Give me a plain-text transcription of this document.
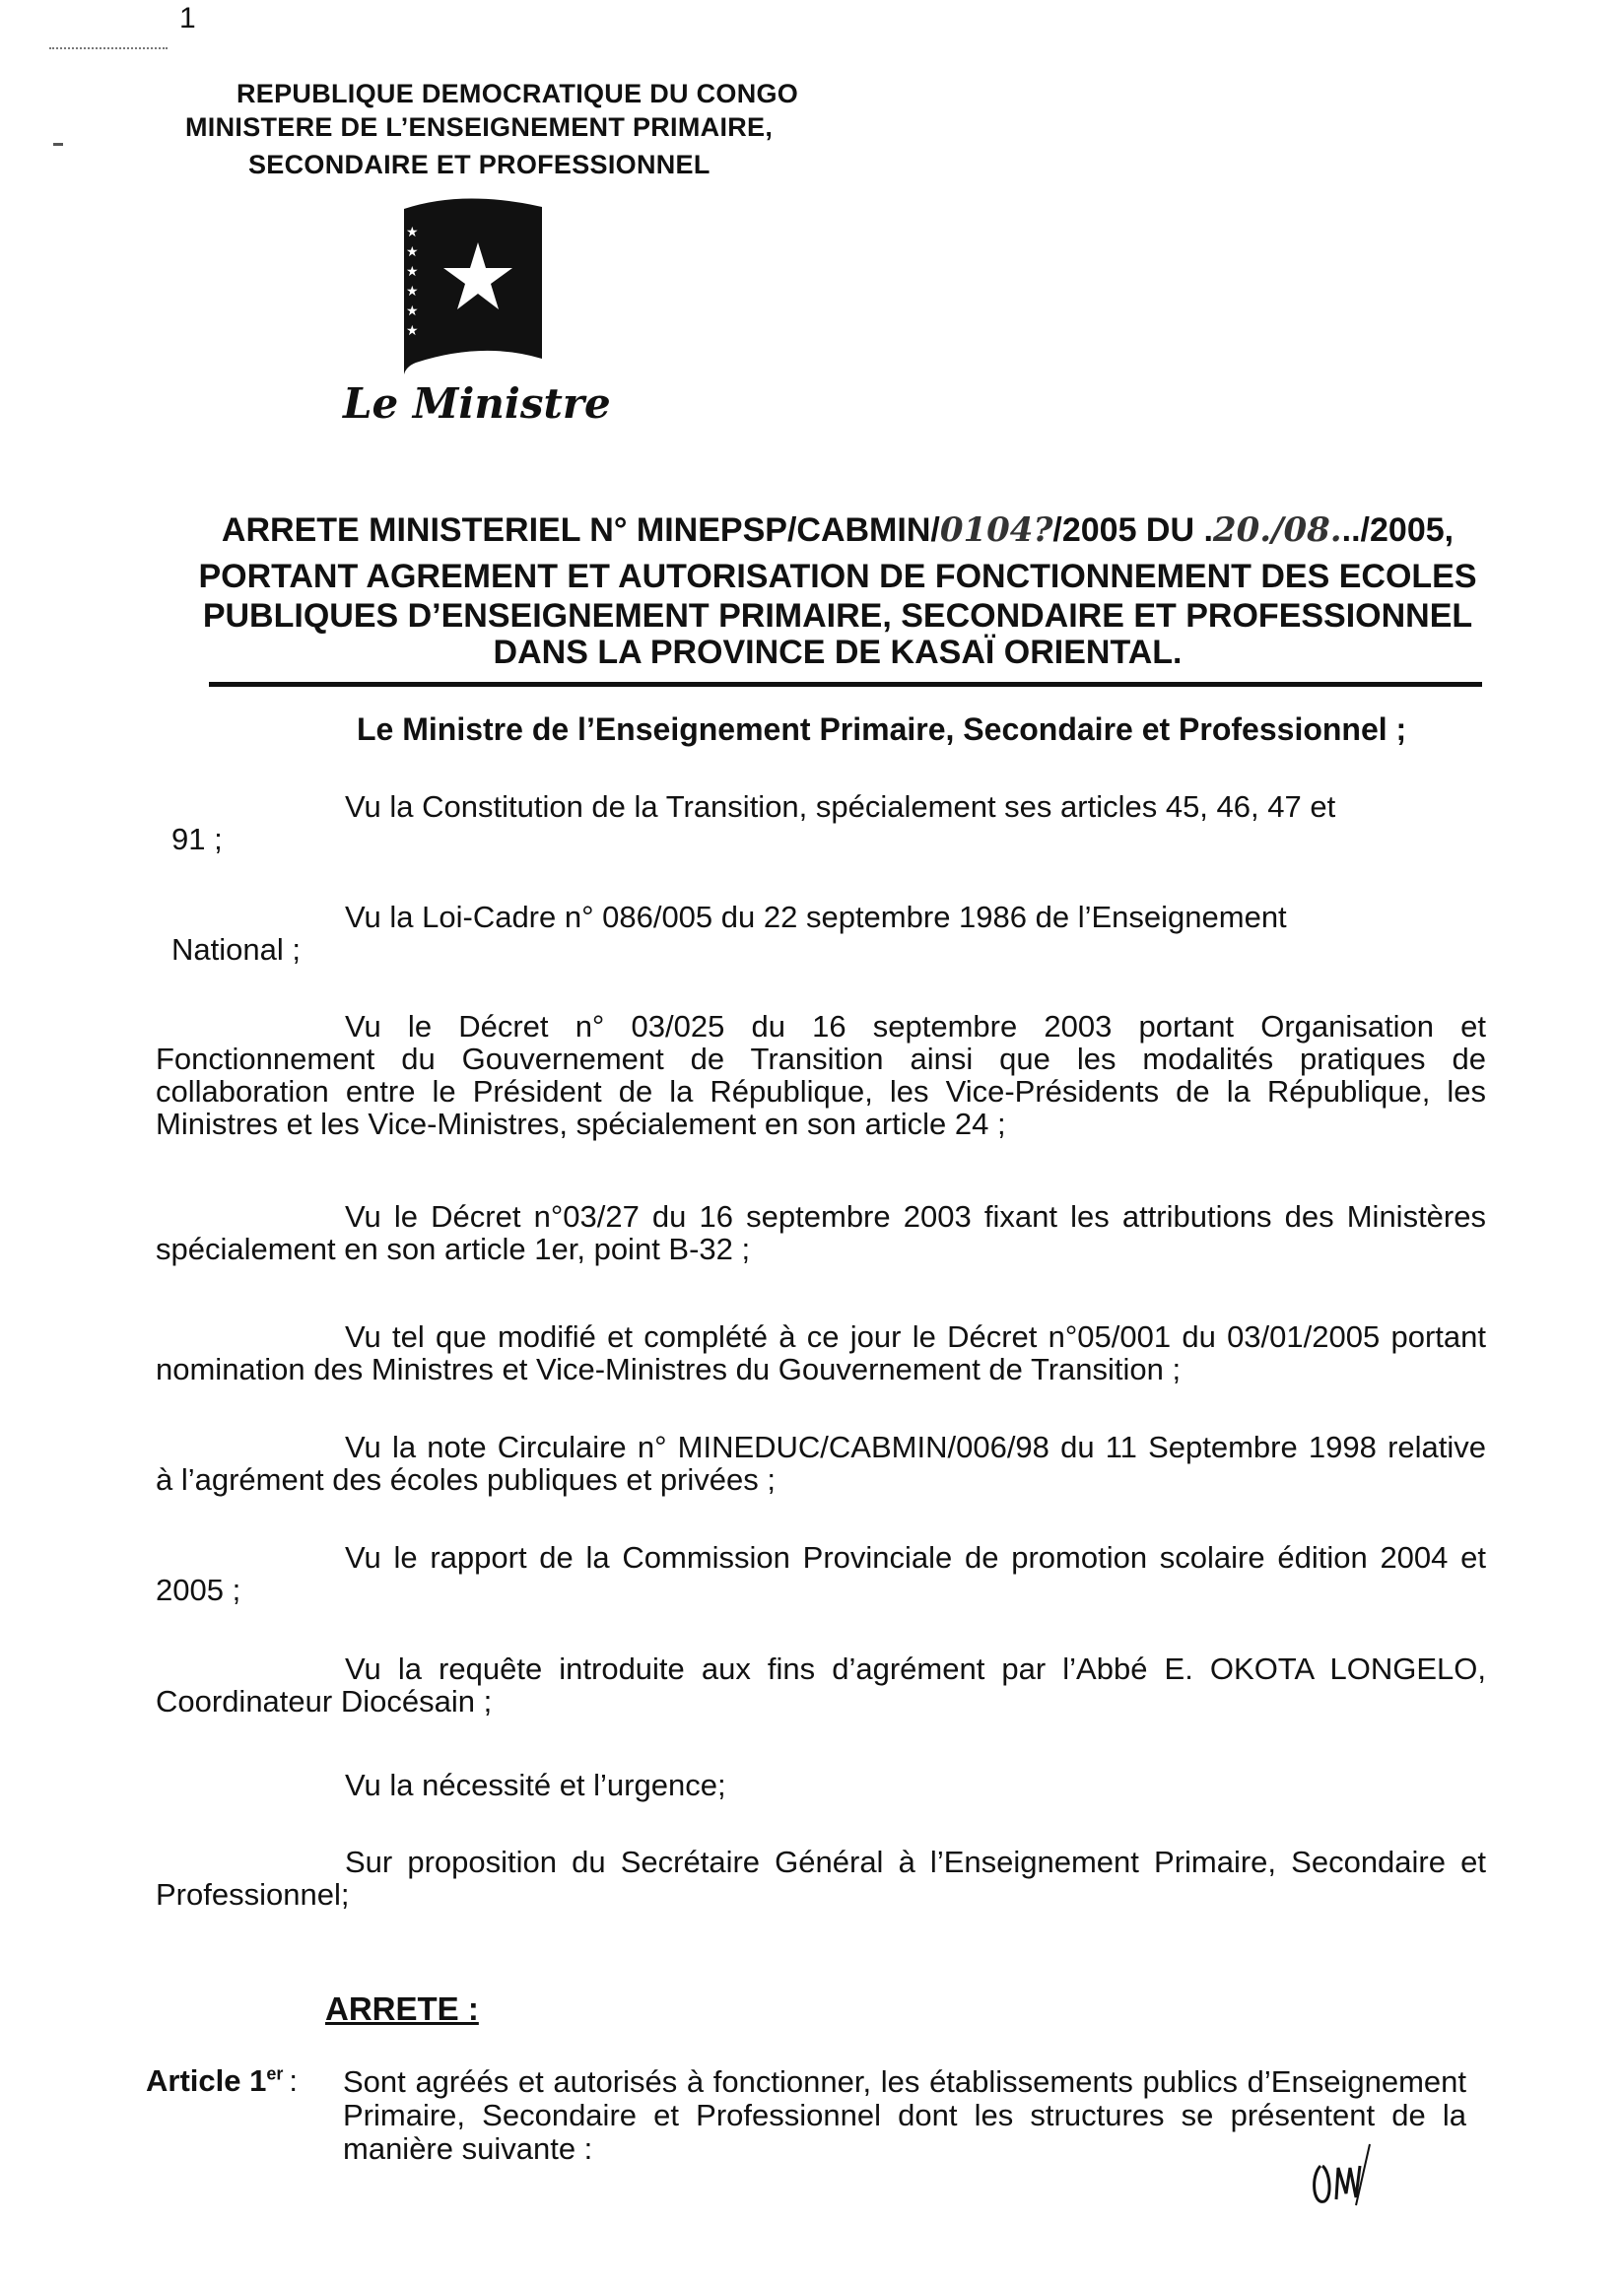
1
REPUBLIQUE DEMOCRATIQUE DU CONGO
MINISTERE DE L’ENSEIGNEMENT PRIMAIRE,
SECONDAIRE ET PROFESSIONNEL
★
★
★
★
★
★
Le Ministre
ARRETE MINISTERIEL N° MINEPSP/CABMIN/0104?/2005 DU .20./08.../2005,
PORTANT AGREMENT ET AUTORISATION DE FONCTIONNEMENT DES ECOLES
PUBLIQUES D’ENSEIGNEMENT PRIMAIRE, SECONDAIRE ET PROFESSIONNEL
DANS LA PROVINCE DE KASAÏ ORIENTAL.
Le Ministre de l’Enseignement Primaire, Secondaire et Professionnel ;
Vu la Constitution de la Transition, spécialement ses articles 45, 46, 47 et
91 ;
Vu la Loi-Cadre n° 086/005 du 22 septembre 1986 de l’Enseignement
National ;
Vu le Décret n° 03/025 du 16 septembre 2003 portant Organisation et Fonctionnement du Gouvernement de Transition ainsi que les modalités pratiques de collaboration entre le Président de la République, les Vice-Présidents de la République, les Ministres et les Vice-Ministres, spécialement en son article 24 ;
Vu le Décret n°03/27 du 16 septembre 2003 fixant les attributions des Ministères spécialement en son article 1er, point B-32 ;
Vu tel que modifié et complété à ce jour le Décret n°05/001 du 03/01/2005 portant nomination des Ministres et Vice-Ministres du Gouvernement de Transition ;
Vu la note Circulaire n° MINEDUC/CABMIN/006/98 du 11 Septembre 1998 relative à l’agrément des écoles publiques et privées ;
Vu le rapport de la Commission Provinciale de promotion scolaire édition 2004 et 2005 ;
Vu la requête introduite aux fins d’agrément par l’Abbé E. OKOTA LONGELO, Coordinateur Diocésain ;
Vu la nécessité et l’urgence;
Sur proposition du Secrétaire Général à l’Enseignement Primaire, Secondaire et Professionnel;
ARRETE :
Article 1er : Sont agréés et autorisés à fonctionner, les établissements publics d’Enseignement Primaire, Secondaire et Professionnel dont les structures se présentent de la manière suivante :
